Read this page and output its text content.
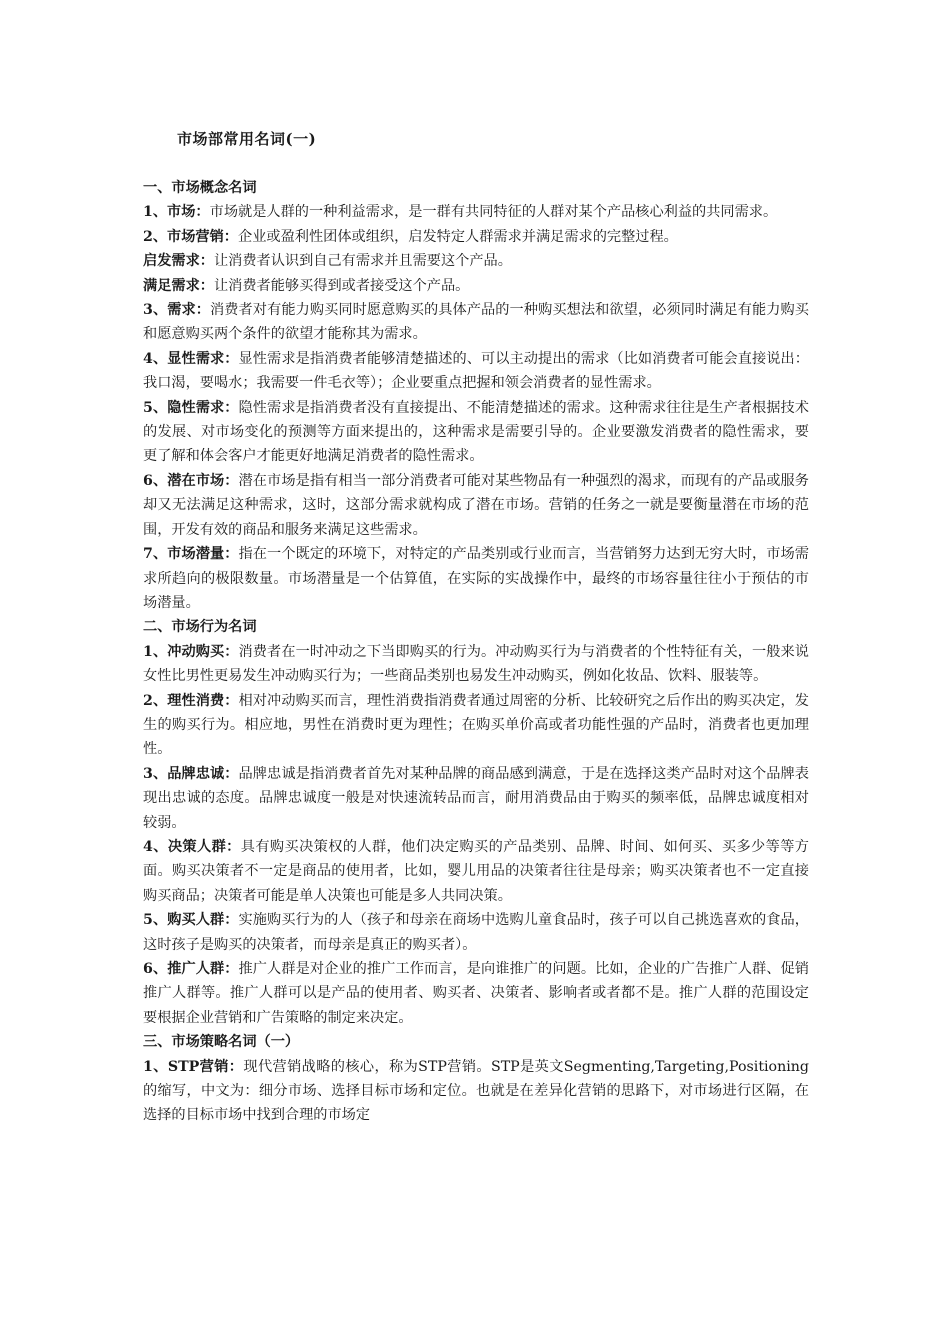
市场部常用名词(一)

一、市场概念名词

1、市场：市场就是人群的一种利益需求，是一群有共同特征的人群对某个产品核心利益的共同需求。

2、市场营销：企业或盈利性团体或组织，启发特定人群需求并满足需求的完整过程。

启发需求：让消费者认识到自己有需求并且需要这个产品。

满足需求：让消费者能够买得到或者接受这个产品。

3、需求：消费者对有能力购买同时愿意购买的具体产品的一种购买想法和欲望，必须同时满足有能力购买和愿意购买两个条件的欲望才能称其为需求。

4、显性需求：显性需求是指消费者能够清楚描述的、可以主动提出的需求（比如消费者可能会直接说出：我口渴，要喝水；我需要一件毛衣等）；企业要重点把握和领会消费者的显性需求。

5、隐性需求：隐性需求是指消费者没有直接提出、不能清楚描述的需求。这种需求往往是生产者根据技术的发展、对市场变化的预测等方面来提出的，这种需求是需要引导的。企业要激发消费者的隐性需求，要更了解和体会客户才能更好地满足消费者的隐性需求。

6、潜在市场：潜在市场是指有相当一部分消费者可能对某些物品有一种强烈的渴求，而现有的产品或服务却又无法满足这种需求，这时，这部分需求就构成了潜在市场。营销的任务之一就是要衡量潜在市场的范围，开发有效的商品和服务来满足这些需求。

7、市场潜量：指在一个既定的环境下，对特定的产品类别或行业而言，当营销努力达到无穷大时，市场需求所趋向的极限数量。市场潜量是一个估算值，在实际的实战操作中，最终的市场容量往往小于预估的市场潜量。

二、市场行为名词

1、冲动购买：消费者在一时冲动之下当即购买的行为。冲动购买行为与消费者的个性特征有关，一般来说女性比男性更易发生冲动购买行为；一些商品类别也易发生冲动购买，例如化妆品、饮料、服装等。

2、理性消费：相对冲动购买而言，理性消费指消费者通过周密的分析、比较研究之后作出的购买决定，发生的购买行为。相应地，男性在消费时更为理性；在购买单价高或者功能性强的产品时，消费者也更加理性。

3、品牌忠诚：品牌忠诚是指消费者首先对某种品牌的商品感到满意，于是在选择这类产品时对这个品牌表现出忠诚的态度。品牌忠诚度一般是对快速流转品而言，耐用消费品由于购买的频率低，品牌忠诚度相对较弱。

4、决策人群：具有购买决策权的人群，他们决定购买的产品类别、品牌、时间、如何买、买多少等等方面。购买决策者不一定是商品的使用者，比如，婴儿用品的决策者往往是母亲；购买决策者也不一定直接购买商品；决策者可能是单人决策也可能是多人共同决策。

5、购买人群：实施购买行为的人（孩子和母亲在商场中选购儿童食品时，孩子可以自己挑选喜欢的食品，这时孩子是购买的决策者，而母亲是真正的购买者）。

6、推广人群：推广人群是对企业的推广工作而言，是向谁推广的问题。比如，企业的广告推广人群、促销推广人群等。推广人群可以是产品的使用者、购买者、决策者、影响者或者都不是。推广人群的范围设定要根据企业营销和广告策略的制定来决定。

三、市场策略名词（一）

1、STP营销：现代营销战略的核心，称为STP营销。STP是英文Segmenting,Targeting,Positioning的缩写，中文为：细分市场、选择目标市场和定位。也就是在差异化营销的思路下，对市场进行区隔，在选择的目标市场中找到合理的市场定
